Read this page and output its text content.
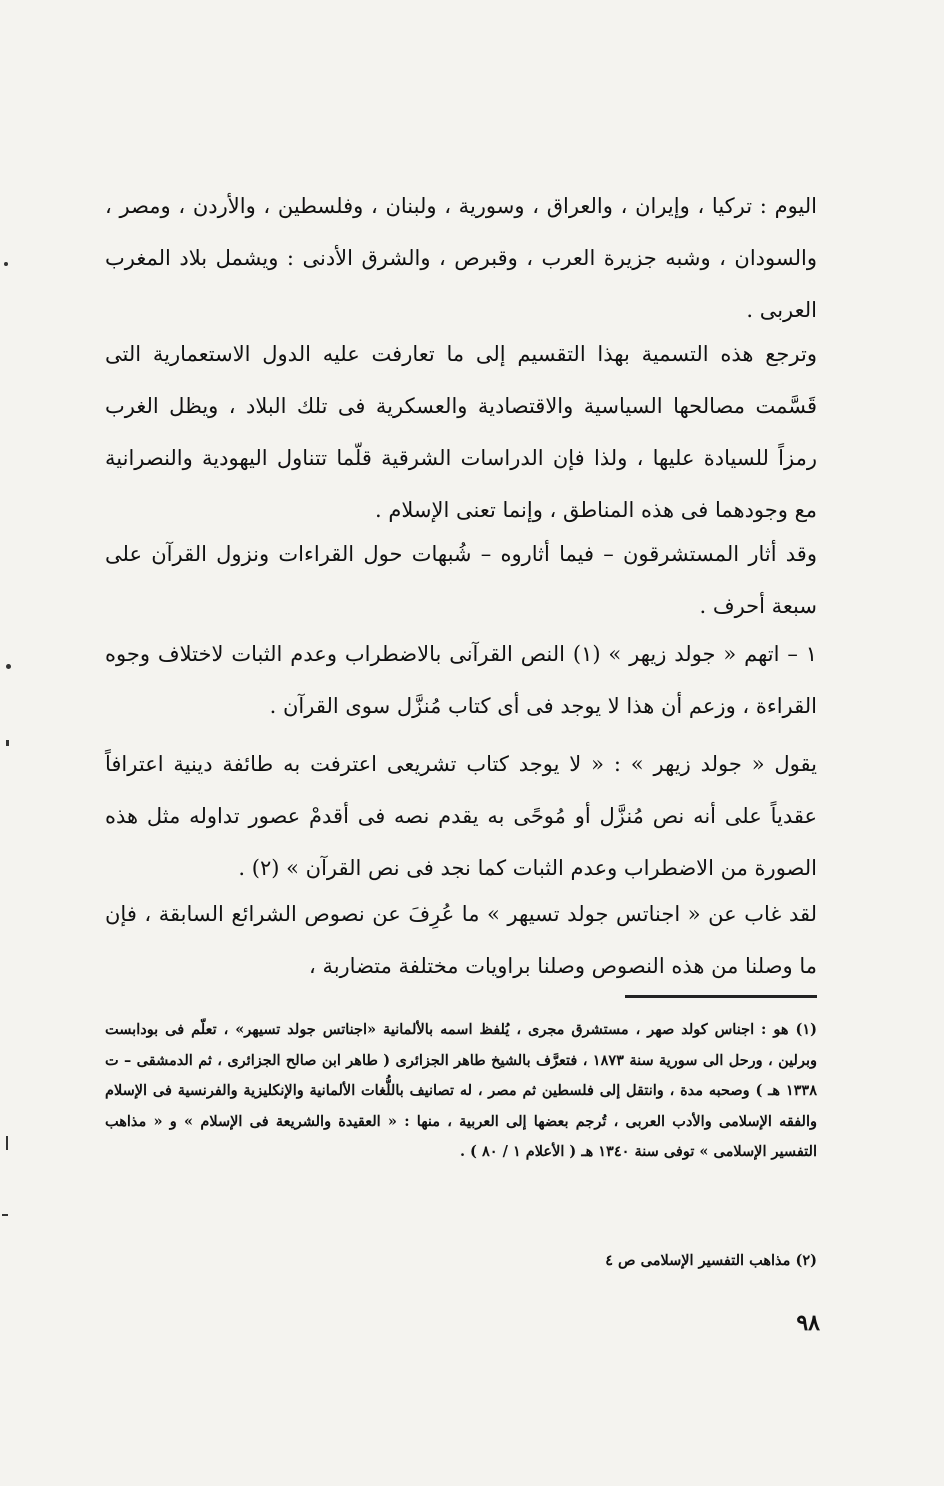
اليوم : تركيا ، وإيران ، والعراق ، وسورية ، ولبنان ، وفلسطين ، والأردن ، ومصر ، والسودان ، وشبه جزيرة العرب ، وقبرص ، والشرق الأدنى : ويشمل بلاد المغرب العربى .

وترجع هذه التسمية بهذا التقسيم إلى ما تعارفت عليه الدول الاستعمارية التى قَسَّمت مصالحها السياسية والاقتصادية والعسكرية فى تلك البلاد ، ويظل الغرب رمزاً للسيادة عليها ، ولذا فإن الدراسات الشرقية قلّما تتناول اليهودية والنصرانية مع وجودهما فى هذه المناطق ، وإنما تعنى الإسلام .

وقد أثار المستشرقون – فيما أثاروه – شُبهات حول القراءات ونزول القرآن على سبعة أحرف .

١ – اتهم « جولد زيهر » (١) النص القرآنى بالاضطراب وعدم الثبات لاختلاف وجوه القراءة ، وزعم أن هذا لا يوجد فى أى كتاب مُنزَّل سوى القرآن .

يقول « جولد زيهر » : « لا يوجد كتاب تشريعى اعترفت به طائفة دينية اعترافاً عقدياً على أنه نص مُنزَّل أو مُوحًى به يقدم نصه فى أقدمْ عصور تداوله مثل هذه الصورة من الاضطراب وعدم الثبات كما نجد فى نص القرآن » (٢) .

لقد غاب عن « اجناتس جولد تسيهر » ما عُرِفَ عن نصوص الشرائع السابقة ، فإن ما وصلنا من هذه النصوص وصلنا براويات مختلفة متضاربة ،

(١) هو : اجناس كولد صهر ، مستشرق مجرى ، يُلفظ اسمه بالألمانية «اجناتس جولد تسيهر» ، تعلّم فى بودابست وبرلين ، ورحل الى سورية سنة ١٨٧٣ ، فتعرَّف بالشيخ طاهر الجزائرى ( طاهر ابن صالح الجزائرى ، ثم الدمشقى – ت ١٣٣٨ هـ ) وصحبه مدة ، وانتقل إلى فلسطين ثم مصر ، له تصانيف باللُّغات الألمانية والإنكليزية والفرنسية فى الإسلام والفقه الإسلامى والأدب العربى ، تُرجم بعضها إلى العربية ، منها : « العقيدة والشريعة فى الإسلام » و « مذاهب التفسير الإسلامى » توفى سنة ١٣٤٠ هـ ( الأعلام ١ / ٨٠ ) .

(٢) مذاهب التفسير الإسلامى ص ٤

٩٨
